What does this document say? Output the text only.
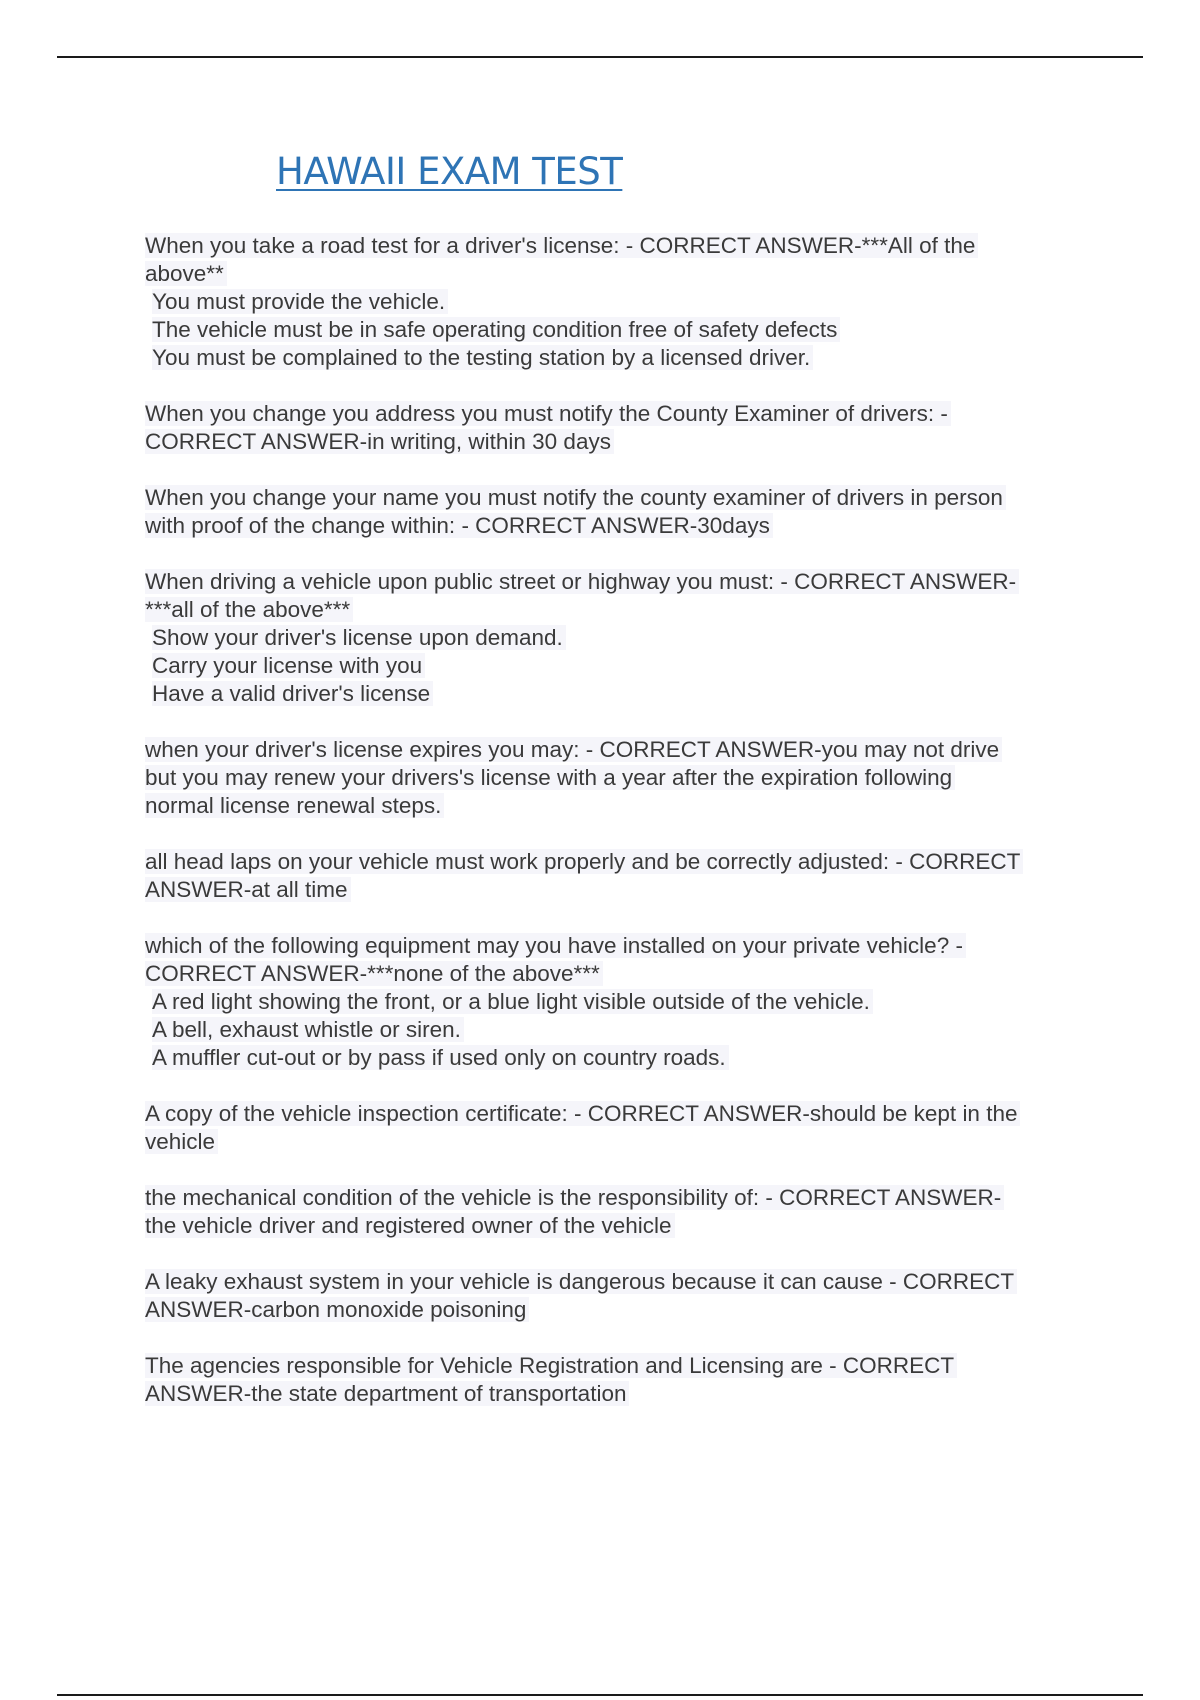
HAWAII EXAM TEST
When you take a road test for a driver's license: - CORRECT ANSWER-***All of the
above**
You must provide the vehicle.
The vehicle must be in safe operating condition free of safety defects
You must be complained to the testing station by a licensed driver.
When you change you address you must notify the County Examiner of drivers: -
CORRECT ANSWER-in writing, within 30 days
When you change your name you must notify the county examiner of drivers in person
with proof of the change within: - CORRECT ANSWER-30days
When driving a vehicle upon public street or highway you must: - CORRECT ANSWER-
***all of the above***
Show your driver's license upon demand.
Carry your license with you
Have a valid driver's license
when your driver's license expires you may: - CORRECT ANSWER-you may not drive
but you may renew your drivers's license with a year after the expiration following
normal license renewal steps.
all head laps on your vehicle must work properly and be correctly adjusted: - CORRECT
ANSWER-at all time
which of the following equipment may you have installed on your private vehicle? -
CORRECT ANSWER-***none of the above***
A red light showing the front, or a blue light visible outside of the vehicle.
A bell, exhaust whistle or siren.
A muffler cut-out or by pass if used only on country roads.
A copy of the vehicle inspection certificate: - CORRECT ANSWER-should be kept in the
vehicle
the mechanical condition of the vehicle is the responsibility of: - CORRECT ANSWER-
the vehicle driver and registered owner of the vehicle
A leaky exhaust system in your vehicle is dangerous because it can cause - CORRECT
ANSWER-carbon monoxide poisoning
The agencies responsible for Vehicle Registration and Licensing are - CORRECT
ANSWER-the state department of transportation
